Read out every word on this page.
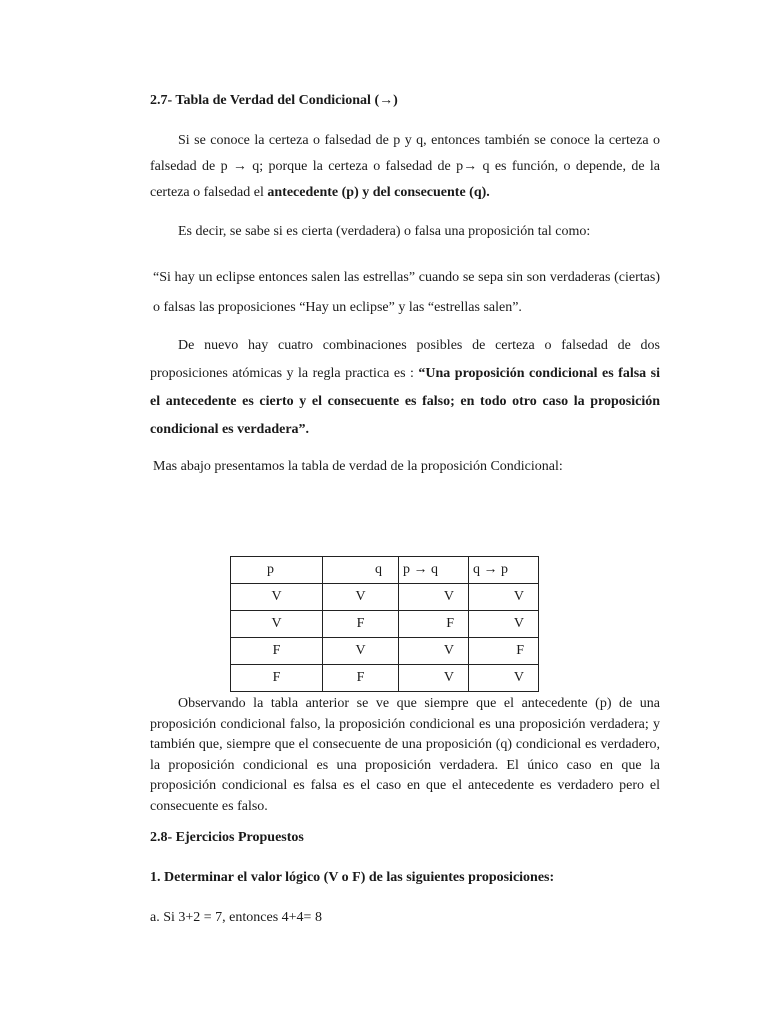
2.7- Tabla de Verdad del Condicional (→)
Si se conoce la certeza o falsedad de p y q, entonces también se conoce la certeza o falsedad de p → q; porque la certeza o falsedad de p→ q es función, o depende, de la certeza o falsedad el antecedente (p) y del consecuente (q).
Es decir, se sabe si es cierta (verdadera) o falsa una proposición tal como:
“Si hay un eclipse entonces salen las estrellas” cuando se sepa sin son verdaderas (ciertas) o falsas las proposiciones “Hay un eclipse” y las “estrellas salen”.
De nuevo hay cuatro combinaciones posibles de certeza o falsedad de dos proposiciones atómicas y la regla practica es : “Una proposición condicional es falsa si el antecedente es cierto y el consecuente es falso; en todo otro caso la proposición condicional es verdadera”.
Mas abajo presentamos la tabla de verdad de la proposición Condicional:
Observando la tabla anterior se ve que siempre que el antecedente (p) de una proposición condicional falso, la proposición condicional es una proposición verdadera; y también que, siempre que el consecuente de una proposición (q) condicional es verdadero, la proposición condicional es una proposición verdadera. El único caso en que la proposición condicional es falsa es el caso en que el antecedente es verdadero pero el consecuente es falso.
2.8- Ejercicios Propuestos
1. Determinar el valor lógico (V o F) de las siguientes proposiciones:
a. Si 3+2 = 7, entonces 4+4= 8
p	q	p → q	q → p
V	V	V	V
V	F	F	V
F	V	V	F
F	F	V	V
